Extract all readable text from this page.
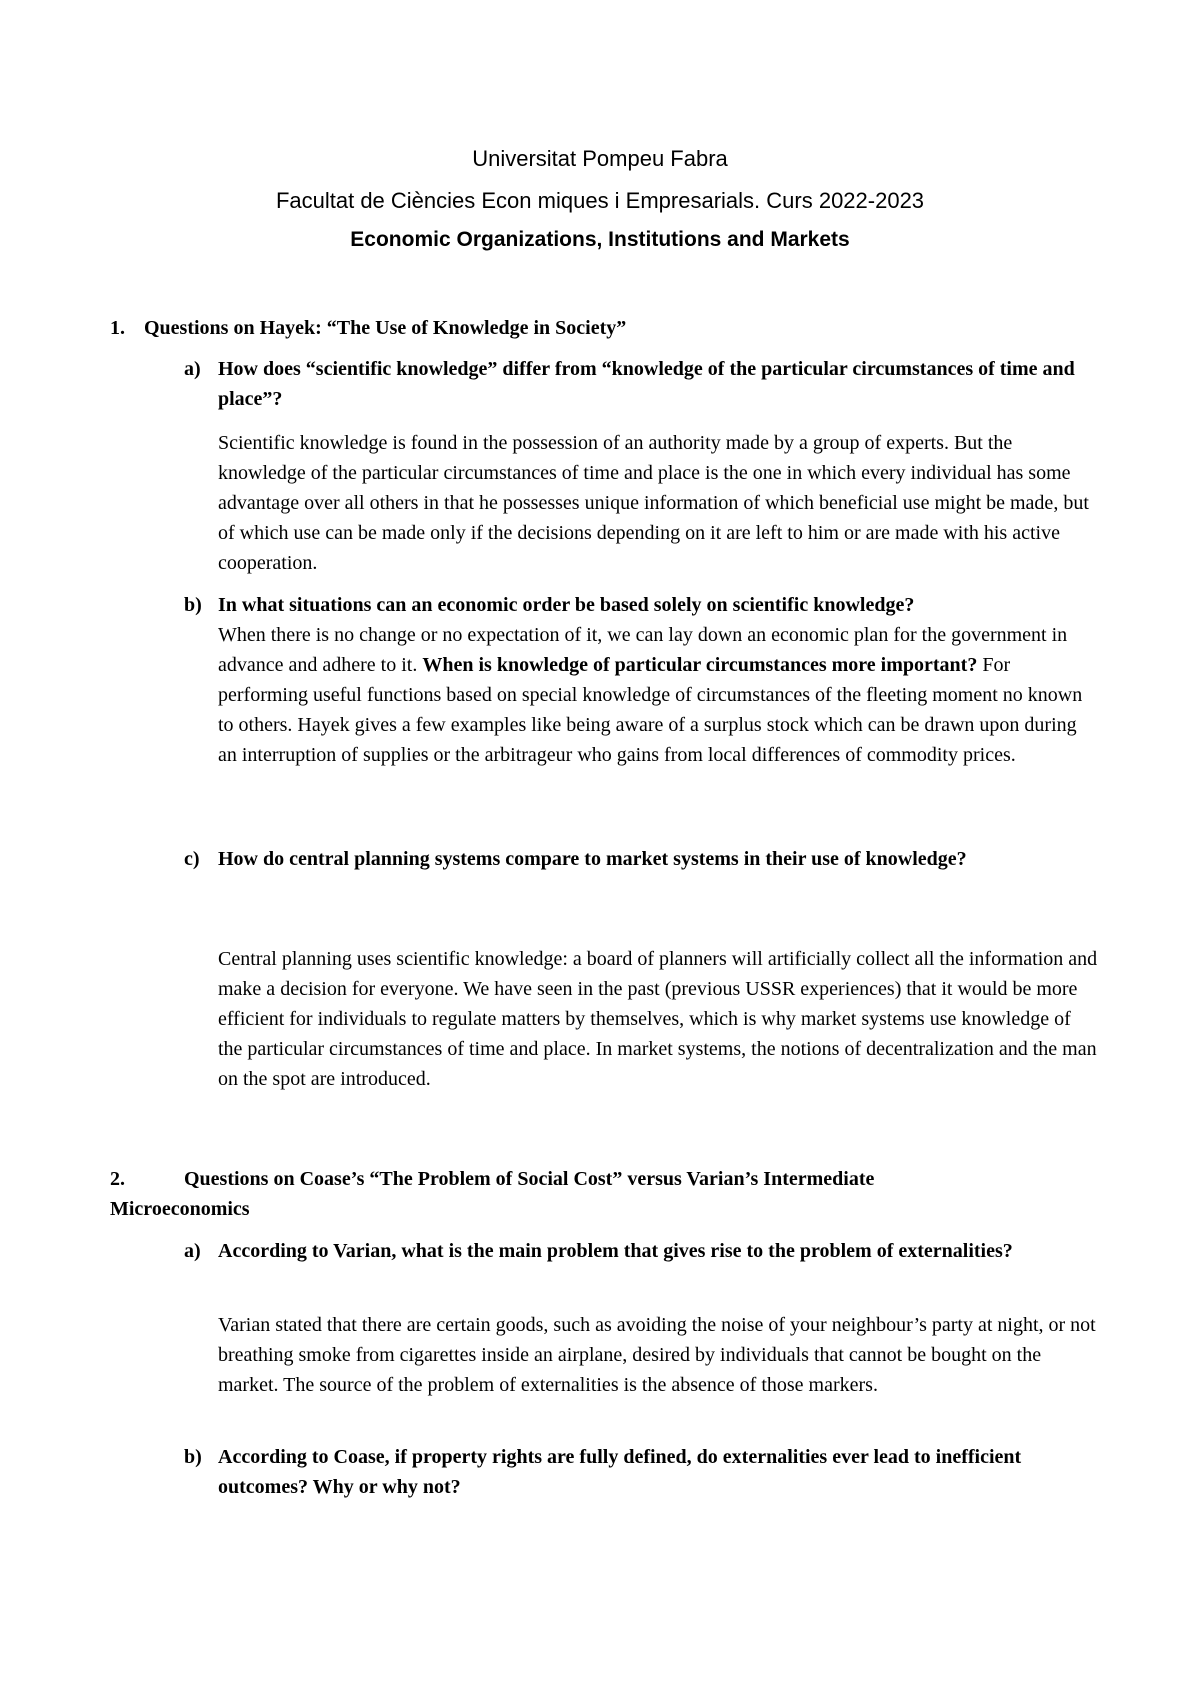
Universitat Pompeu Fabra
Facultat de Ciències Econ miques i Empresarials. Curs 2022-2023
Economic Organizations, Institutions and Markets
1. Questions on Hayek: “The Use of Knowledge in Society”
a) How does “scientific knowledge” differ from “knowledge of the particular circumstances of time and place”?
Scientific knowledge is found in the possession of an authority made by a group of experts. But the knowledge of the particular circumstances of time and place is the one in which every individual has some advantage over all others in that he possesses unique information of which beneficial use might be made, but of which use can be made only if the decisions depending on it are left to him or are made with his active cooperation.
b) In what situations can an economic order be based solely on scientific knowledge?
When there is no change or no expectation of it, we can lay down an economic plan for the government in advance and adhere to it. When is knowledge of particular circumstances more important? For performing useful functions based on special knowledge of circumstances of the fleeting moment no known to others. Hayek gives a few examples like being aware of a surplus stock which can be drawn upon during an interruption of supplies or the arbitrageur who gains from local differences of commodity prices.
c) How do central planning systems compare to market systems in their use of knowledge?
Central planning uses scientific knowledge: a board of planners will artificially collect all the information and make a decision for everyone. We have seen in the past (previous USSR experiences) that it would be more efficient for individuals to regulate matters by themselves, which is why market systems use knowledge of the particular circumstances of time and place. In market systems, the notions of decentralization and the man on the spot are introduced.
2.	Questions on Coase’s “The Problem of Social Cost” versus Varian’s Intermediate
Microeconomics
a) According to Varian, what is the main problem that gives rise to the problem of externalities?
Varian stated that there are certain goods, such as avoiding the noise of your neighbour’s party at night, or not breathing smoke from cigarettes inside an airplane, desired by individuals that cannot be bought on the market. The source of the problem of externalities is the absence of those markers.
b) According to Coase, if property rights are fully defined, do externalities ever lead to inefficient outcomes? Why or why not?
